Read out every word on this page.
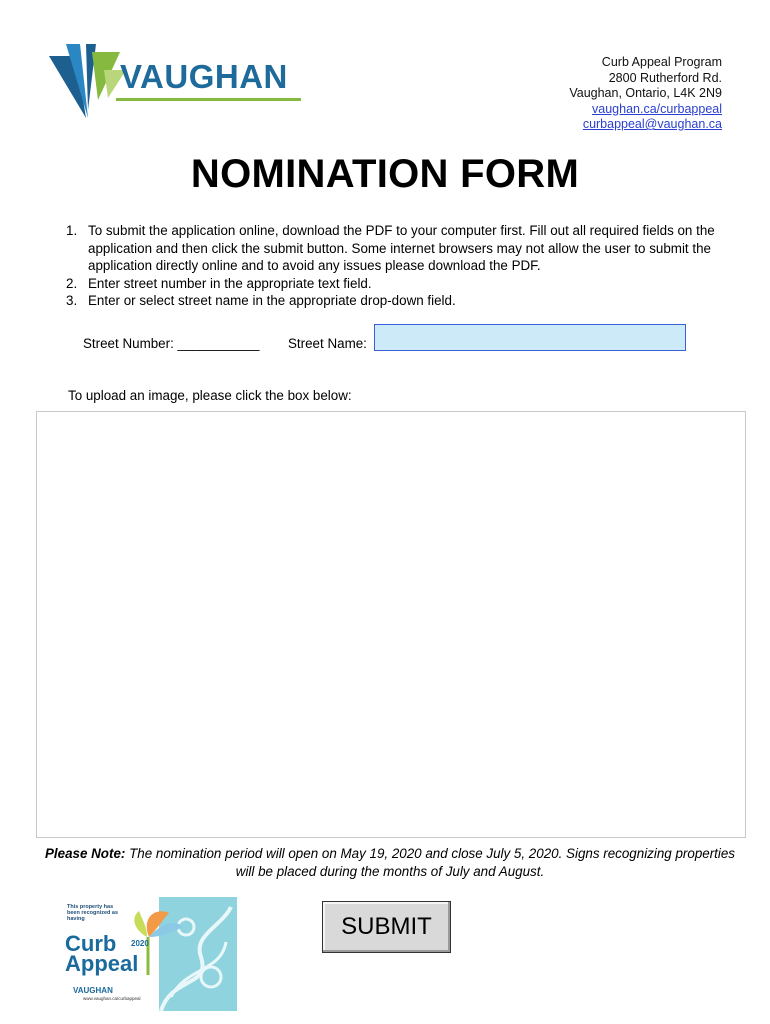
VAUGHAN	Curb Appeal Program
2800 Rutherford Rd.
Vaughan, Ontario, L4K 2N9
vaughan.ca/curbappeal
curbappeal@vaughan.ca
NOMINATION FORM
1. To submit the application online, download the PDF to your computer first. Fill out all required fields on the application and then click the submit button. Some internet browsers may not allow the user to submit the application directly online and to avoid any issues please download the PDF.
2. Enter street number in the appropriate text field.
3. Enter or select street name in the appropriate drop-down field.
Street Number: ___________ Street Name:
To upload an image, please click the box below:
Please Note: The nomination period will open on May 19, 2020 and close July 5, 2020. Signs recognizing properties will be placed during the months of July and August.
This property has been recognized as having
Curb 2020
Appeal
VAUGHAN
www.vaughan.ca/curbappeal
SUBMIT
